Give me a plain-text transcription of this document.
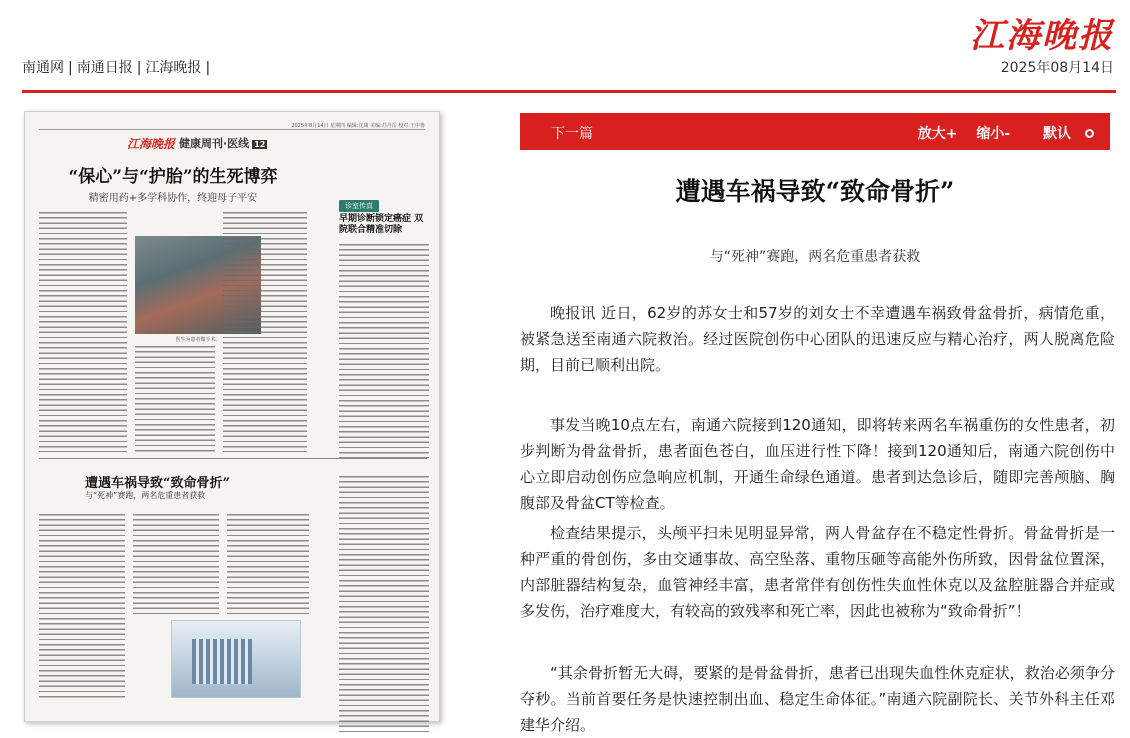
江海晚报
南通网 | 南通日报 | 江海晚报 |	2025年08月14日
2025年8月14日 星期四 编辑:沈康 美编:苏丹岳 校对:王中鲁
江海晚报 健康周刊·医线 12
“保心”与“护胎”的生死博弈
精密用药+多学科协作，终迎母子平安
医生为患者做手术。
诊室传真
早期诊断锁定癌症 双院联合精准切除
遭遇车祸导致“致命骨折”
与“死神”赛跑，两名危重患者获救
下一篇	放大+ 缩小- 默认
遭遇车祸导致“致命骨折”
与“死神”赛跑，两名危重患者获救

晚报讯 近日，62岁的苏女士和57岁的刘女士不幸遭遇车祸致骨盆骨折，病情危重，被紧急送至南通六院救治。经过医院创伤中心团队的迅速反应与精心治疗，两人脱离危险期，目前已顺利出院。

事发当晚10点左右，南通六院接到120通知，即将转来两名车祸重伤的女性患者，初步判断为骨盆骨折，患者面色苍白，血压进行性下降！接到120通知后，南通六院创伤中心立即启动创伤应急响应机制，开通生命绿色通道。患者到达急诊后，随即完善颅脑、胸腹部及骨盆CT等检查。

检查结果提示，头颅平扫未见明显异常，两人骨盆存在不稳定性骨折。骨盆骨折是一种严重的骨创伤，多由交通事故、高空坠落、重物压砸等高能外伤所致，因骨盆位置深，内部脏器结构复杂，血管神经丰富，患者常伴有创伤性失血性休克以及盆腔脏器合并症或多发伤，治疗难度大，有较高的致残率和死亡率，因此也被称为“致命骨折”！

“其余骨折暂无大碍，要紧的是骨盆骨折，患者已出现失血性休克症状，救治必须争分夺秒。当前首要任务是快速控制出血、稳定生命体征。”南通六院副院长、关节外科主任邓建华介绍。
